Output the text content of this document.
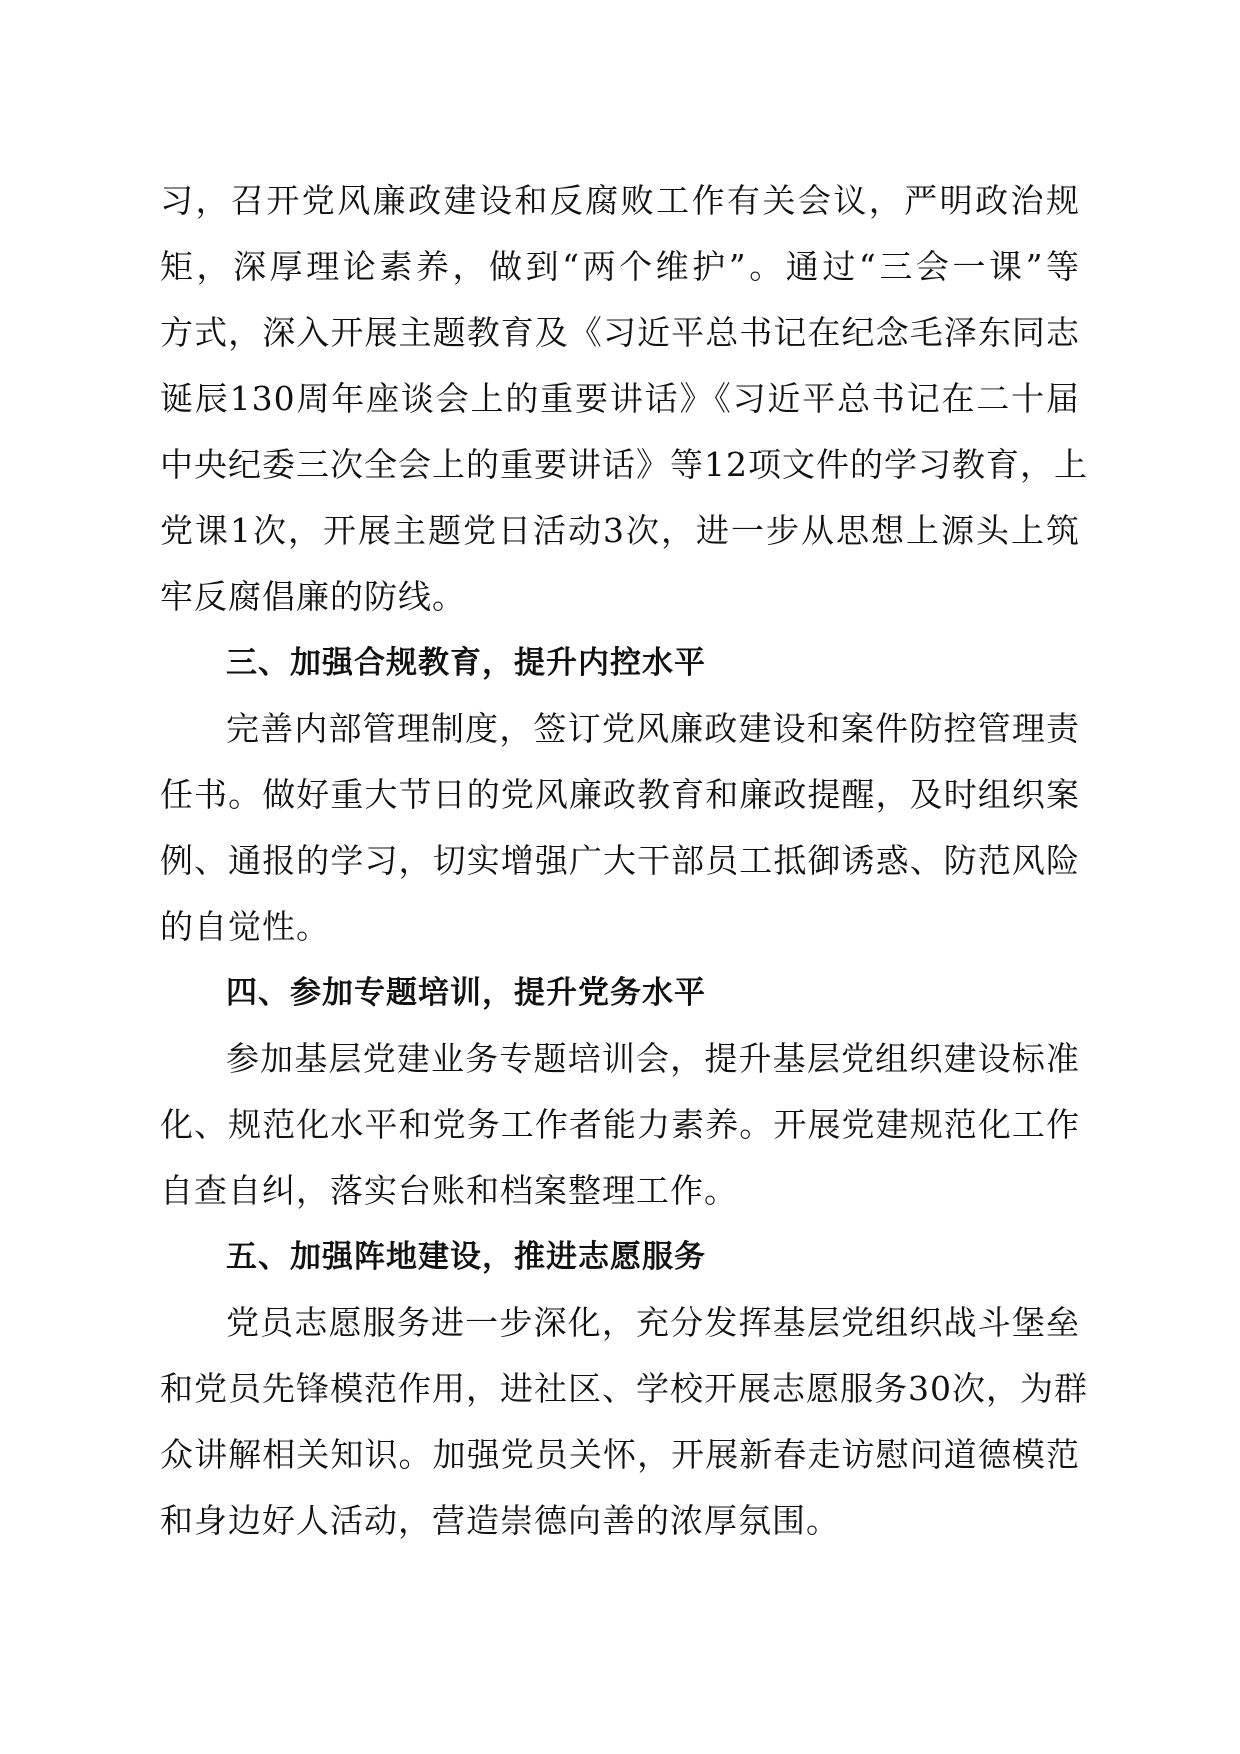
习，召开党风廉政建设和反腐败工作有关会议，严明政治规
矩，深厚理论素养，做到“两个维护”。通过“三会一课”等
方式，深入开展主题教育及《习近平总书记在纪念毛泽东同志
诞辰130周年座谈会上的重要讲话》《习近平总书记在二十届
中央纪委三次全会上的重要讲话》等12项文件的学习教育，上
党课1次，开展主题党日活动3次，进一步从思想上源头上筑
牢反腐倡廉的防线。
三、加强合规教育，提升内控水平
完善内部管理制度，签订党风廉政建设和案件防控管理责
任书。做好重大节日的党风廉政教育和廉政提醒，及时组织案
例、通报的学习，切实增强广大干部员工抵御诱惑、防范风险
的自觉性。
四、参加专题培训，提升党务水平
参加基层党建业务专题培训会，提升基层党组织建设标准
化、规范化水平和党务工作者能力素养。开展党建规范化工作
自查自纠，落实台账和档案整理工作。
五、加强阵地建设，推进志愿服务
党员志愿服务进一步深化，充分发挥基层党组织战斗堡垒
和党员先锋模范作用，进社区、学校开展志愿服务30次，为群
众讲解相关知识。加强党员关怀，开展新春走访慰问道德模范
和身边好人活动，营造崇德向善的浓厚氛围。
